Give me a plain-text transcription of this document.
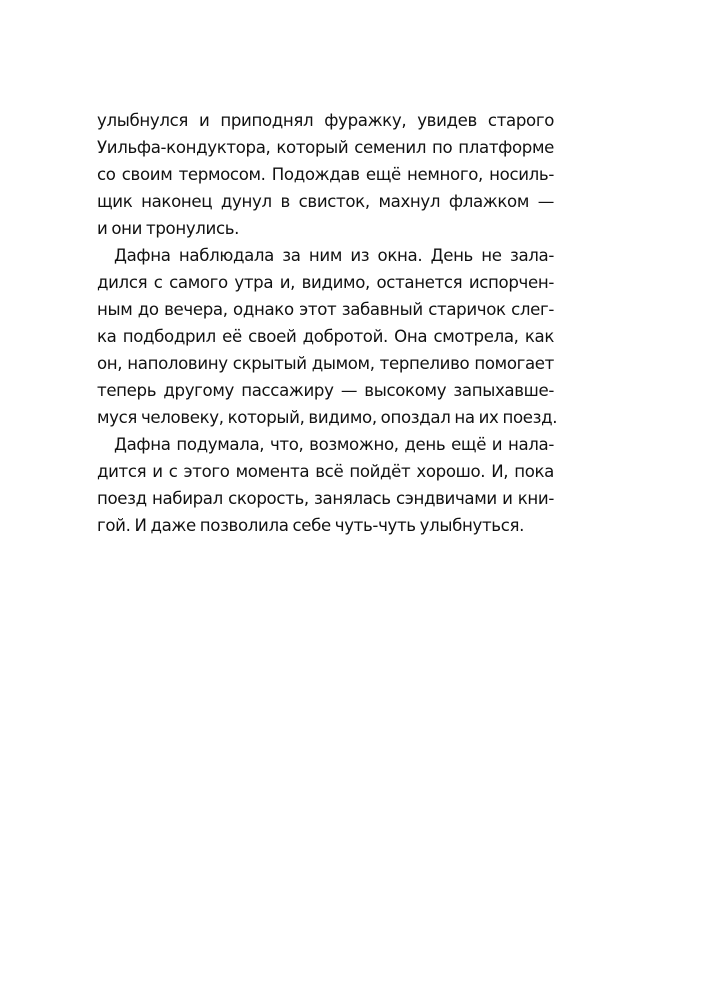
улыбнулся и приподнял фуражку, увидев старого
Уильфа-кондуктора, который семенил по платформе
со своим термосом. Подождав ещё немного, носиль-
щик наконец дунул в свисток, махнул флажком —
и они тронулись.
Дафна наблюдала за ним из окна. День не зала-
дился с самого утра и, видимо, останется испорчен-
ным до вечера, однако этот забавный старичок слег-
ка подбодрил её своей добротой. Она смотрела, как
он, наполовину скрытый дымом, терпеливо помогает
теперь другому пассажиру — высокому запыхавше-
муся человеку, который, видимо, опоздал на их поезд.
Дафна подумала, что, возможно, день ещё и нала-
дится и с этого момента всё пойдёт хорошо. И, пока
поезд набирал скорость, занялась сэндвичами и кни-
гой. И даже позволила себе чуть-чуть улыбнуться.
